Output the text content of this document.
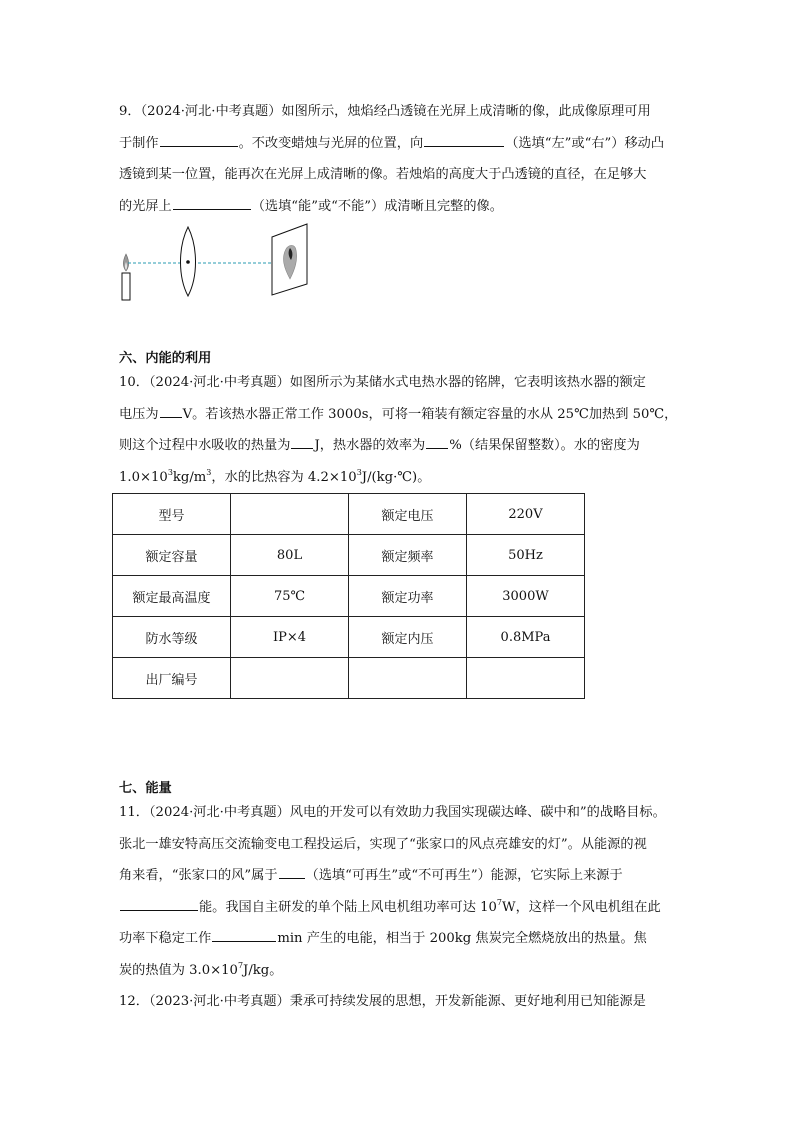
9．（2024·河北·中考真题）如图所示，烛焰经凸透镜在光屏上成清晰的像，此成像原理可用
于制作	。不改变蜡烛与光屏的位置，向	（选填“左”或“右”）移动凸
透镜到某一位置，能再次在光屏上成清晰的像。若烛焰的高度大于凸透镜的直径，在足够大
的光屏上	（选填“能”或“不能”）成清晰且完整的像。
六、内能的利用
10．（2024·河北·中考真题）如图所示为某储水式电热水器的铭牌，它表明该热水器的额定
电压为 V。若该热水器正常工作 3000s，可将一箱装有额定容量的水从 25℃加热到 50℃，
则这个过程中水吸收的热量为 J，热水器的效率为 %（结果保留整数）。水的密度为
$1.0\times 10^3kg/m^3$，水的比热容为 $4.2\times 10^3J/(kg\cdot℃)$。
型号		额定电压	220V
额定容量	80L	额定频率	50Hz
额定最高温度	75℃	额定功率	3000W
防水等级	IP×4	额定内压	0.8MPa
出厂编号			
七、能量
11．（2024·河北·中考真题）风电的开发可以有效助力我国实现碳达峰、碳中和”的战略目标。
张北一雄安特高压交流输变电工程投运后，实现了“张家口的风点亮雄安的灯”。从能源的视
角来看，“张家口的风”属于 （选填“可再生”或“不可再生”）能源，它实际上来源于
能。我国自主研发的单个陆上风电机组功率可达 $10^7W$，这样一个风电机组在此
功率下稳定工作	min 产生的电能，相当于 200kg 焦炭完全燃烧放出的热量。焦
炭的热值为 $3.0\times 10^7J/kg$。
12．（2023·河北·中考真题）秉承可持续发展的思想，开发新能源、更好地利用已知能源是
